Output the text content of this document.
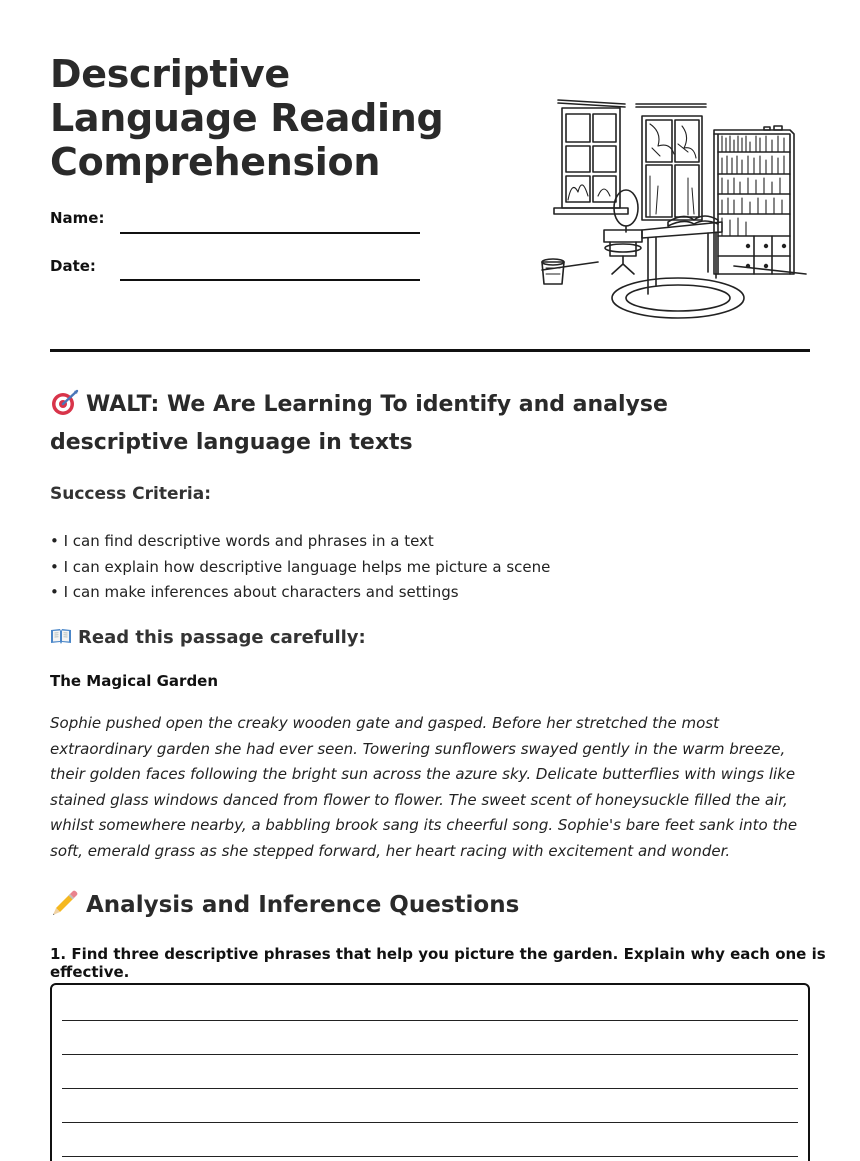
Descriptive Language Reading Comprehension
Name:
Date:
WALT: We Are Learning To identify and analyse descriptive language in texts
Success Criteria:
• I can find descriptive words and phrases in a text
• I can explain how descriptive language helps me picture a scene
• I can make inferences about characters and settings
Read this passage carefully:
The Magical Garden

Sophie pushed open the creaky wooden gate and gasped. Before her stretched the most extraordinary garden she had ever seen. Towering sunflowers swayed gently in the warm breeze, their golden faces following the bright sun across the azure sky. Delicate butterflies with wings like stained glass windows danced from flower to flower. The sweet scent of honeysuckle filled the air, whilst somewhere nearby, a babbling brook sang its cheerful song. Sophie's bare feet sank into the soft, emerald grass as she stepped forward, her heart racing with excitement and wonder.

Analysis and Inference Questions
1. Find three descriptive phrases that help you picture the garden. Explain why each one is effective.
